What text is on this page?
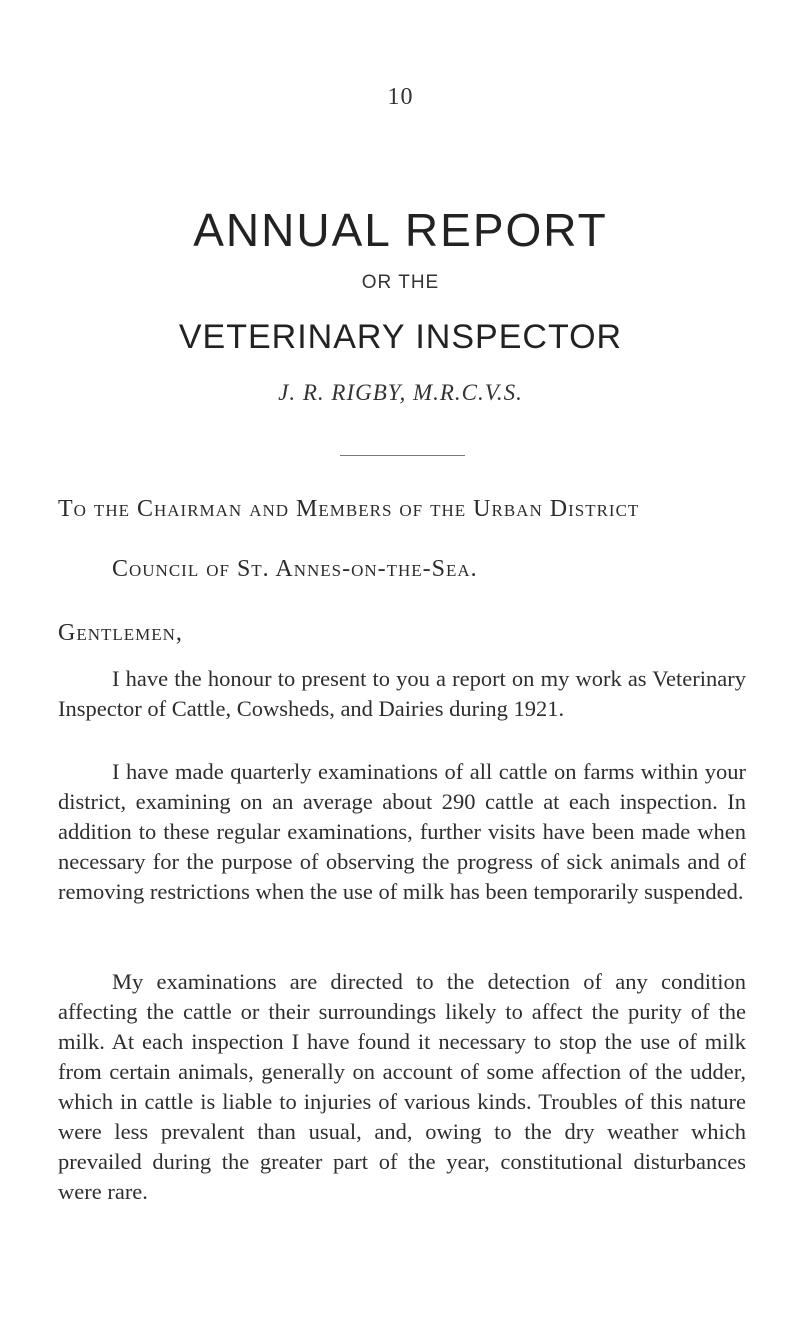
10
ANNUAL REPORT
OR THE
VETERINARY INSPECTOR
J. R. RIGBY, M.R.C.V.S.
To the Chairman and Members of the Urban District
Council of St. Annes-on-the-Sea.
Gentlemen,

I have the honour to present to you a report on my work as Veterinary Inspector of Cattle, Cowsheds, and Dairies during 1921.

I have made quarterly examinations of all cattle on farms within your district, examining on an average about 290 cattle at each inspection. In addition to these regular examinations, further visits have been made when necessary for the purpose of observing the progress of sick animals and of removing restrictions when the use of milk has been temporarily suspended.

My examinations are directed to the detection of any condition affecting the cattle or their surroundings likely to affect the purity of the milk. At each inspection I have found it necessary to stop the use of milk from certain animals, generally on account of some affection of the udder, which in cattle is liable to injuries of various kinds. Troubles of this nature were less prevalent than usual, and, owing to the dry weather which prevailed during the greater part of the year, constitutional disturbances were rare.
